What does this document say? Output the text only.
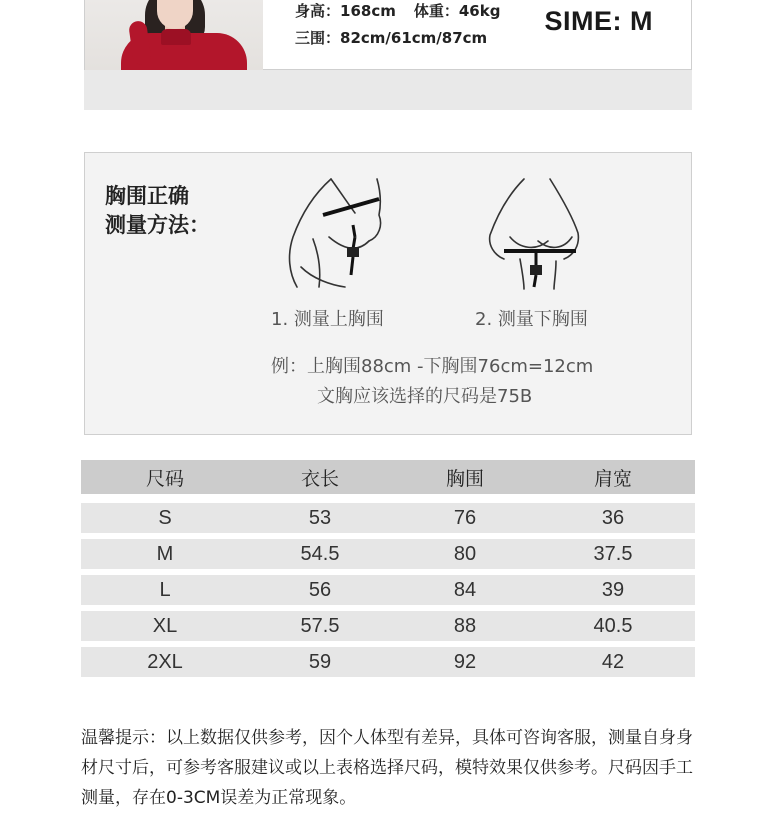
身高：168cm 体重：46kg
三围：82cm/61cm/87cm
SIME: M
胸围正确
测量方法：
1. 测量上胸围	2. 测量下胸围
例：上胸围88cm -下胸围76cm=12cm
文胸应该选择的尺码是75B
尺码	衣长	胸围	肩宽
S	53	76	36
M	54.5	80	37.5
L	56	84	39
XL	57.5	88	40.5
2XL	59	92	42
温馨提示：以上数据仅供参考，因个人体型有差异，具体可咨询客服，测量自身身材尺寸后，可参考客服建议或以上表格选择尺码，模特效果仅供参考。尺码因手工测量，存在0-3CM误差为正常现象。
